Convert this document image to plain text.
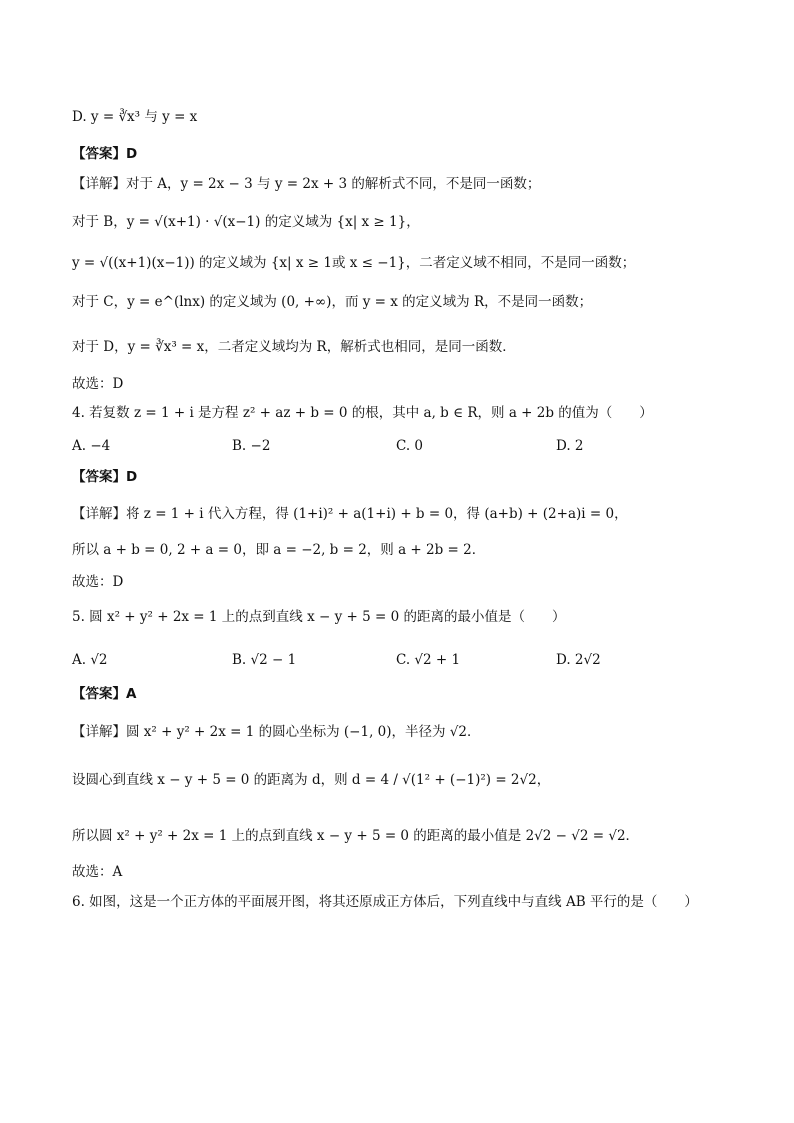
D. y = ∛x³ 与 y = x
【答案】D
【详解】对于 A，y = 2x − 3 与 y = 2x + 3 的解析式不同，不是同一函数；
对于 B，y = √(x+1) · √(x−1) 的定义域为 {x| x ≥ 1}，
y = √((x+1)(x−1)) 的定义域为 {x| x ≥ 1或 x ≤ −1}，二者定义域不相同，不是同一函数；
对于 C，y = e^(lnx) 的定义域为 (0, +∞)，而 y = x 的定义域为 R，不是同一函数；
对于 D，y = ∛x³ = x，二者定义域均为 R，解析式也相同，是同一函数．
故选：D
4. 若复数 z = 1 + i 是方程 z² + az + b = 0 的根，其中 a, b ∈ R，则 a + 2b 的值为（　　）
A. −4	B. −2	C. 0	D. 2
【答案】D
【详解】将 z = 1 + i 代入方程，得 (1+i)² + a(1+i) + b = 0，得 (a+b) + (2+a)i = 0，
所以 a + b = 0, 2 + a = 0，即 a = −2, b = 2，则 a + 2b = 2．
故选：D
5. 圆 x² + y² + 2x = 1 上的点到直线 x − y + 5 = 0 的距离的最小值是（　　）
A. √2	B. √2 − 1	C. √2 + 1	D. 2√2
【答案】A
【详解】圆 x² + y² + 2x = 1 的圆心坐标为 (−1, 0)，半径为 √2．
设圆心到直线 x − y + 5 = 0 的距离为 d，则 d = 4 / √(1² + (−1)²) = 2√2，
所以圆 x² + y² + 2x = 1 上的点到直线 x − y + 5 = 0 的距离的最小值是 2√2 − √2 = √2．
故选：A
6. 如图，这是一个正方体的平面展开图，将其还原成正方体后，下列直线中与直线 AB 平行的是（　　）
